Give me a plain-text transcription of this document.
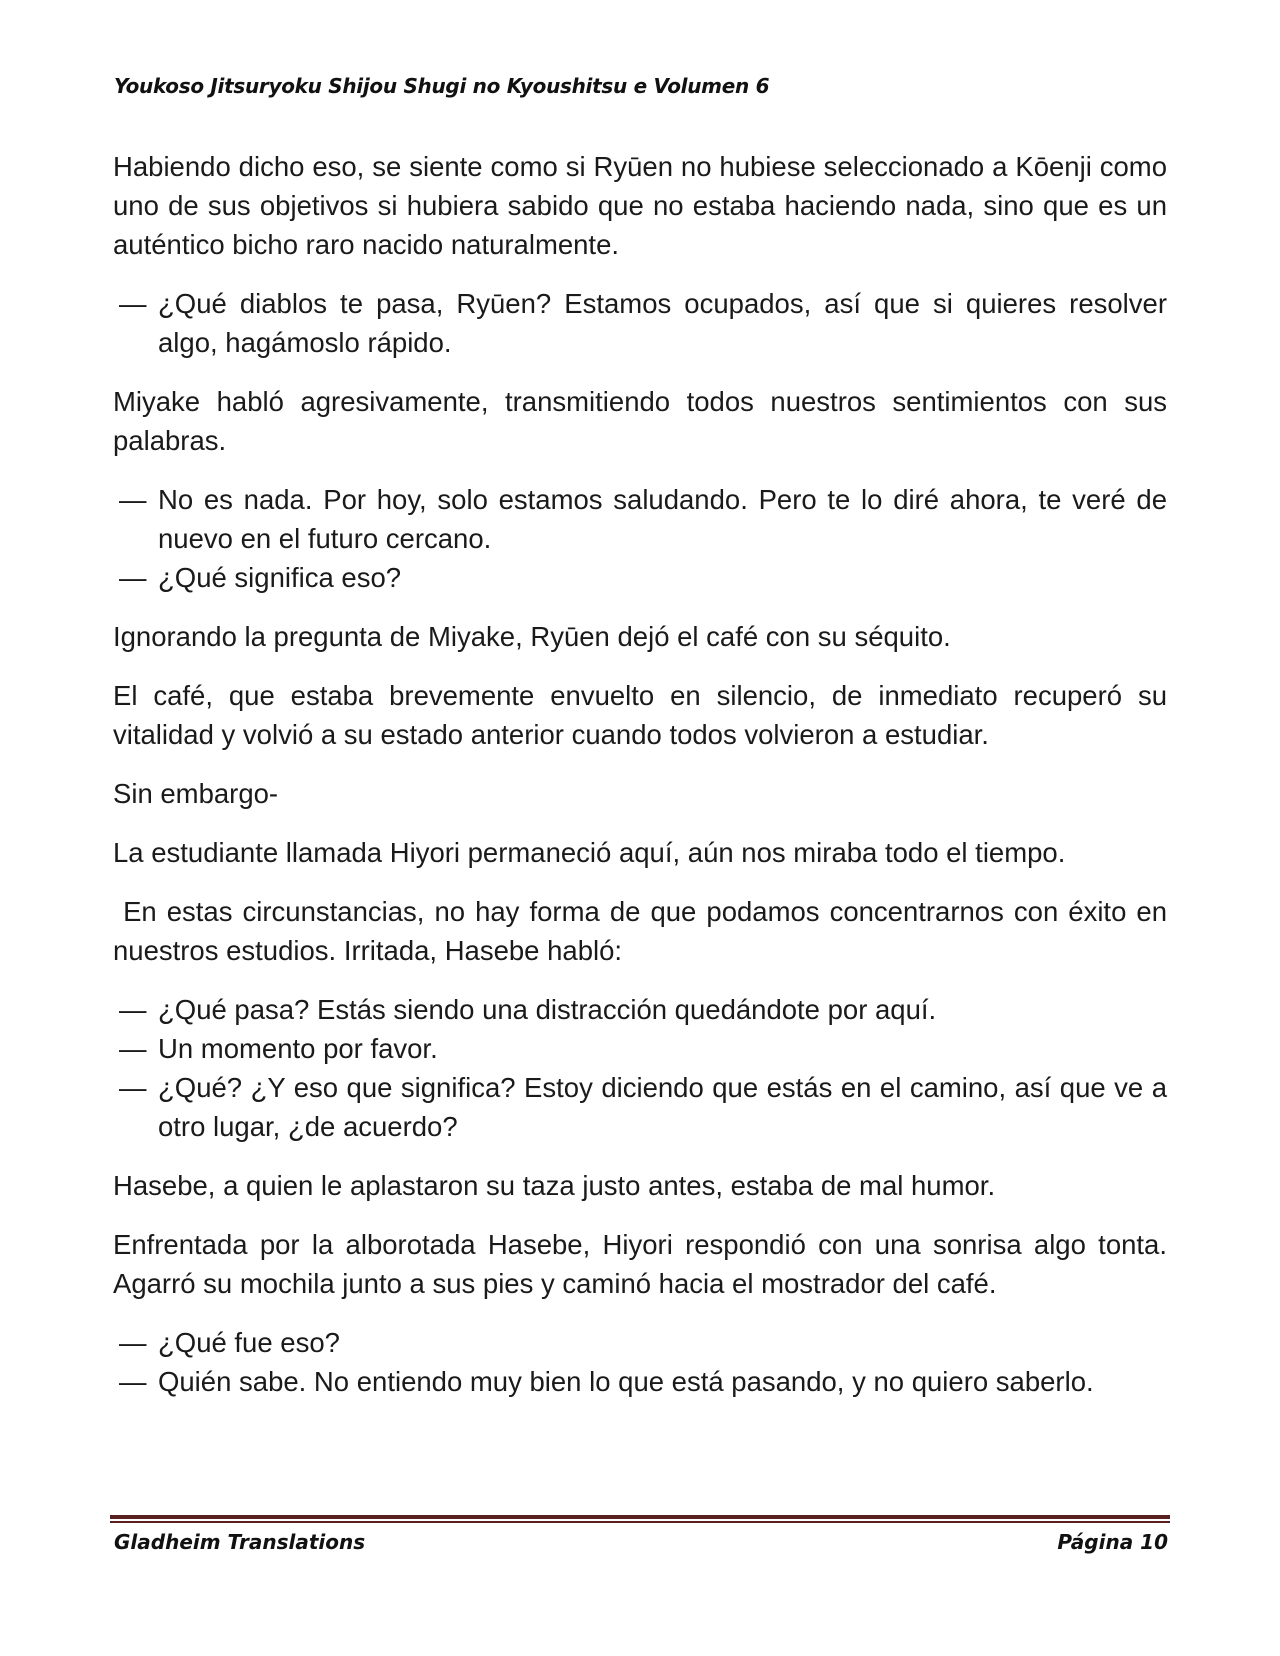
Youkoso Jitsuryoku Shijou Shugi no Kyoushitsu e Volumen 6

Habiendo dicho eso, se siente como si Ryūen no hubiese seleccionado a Kōenji como uno de sus objetivos si hubiera sabido que no estaba haciendo nada, sino que es un auténtico bicho raro nacido naturalmente.

— ¿Qué diablos te pasa, Ryūen? Estamos ocupados, así que si quieres resolver algo, hagámoslo rápido.

Miyake habló agresivamente, transmitiendo todos nuestros sentimientos con sus palabras.

— No es nada. Por hoy, solo estamos saludando. Pero te lo diré ahora, te veré de nuevo en el futuro cercano.
— ¿Qué significa eso?

Ignorando la pregunta de Miyake, Ryūen dejó el café con su séquito.

El café, que estaba brevemente envuelto en silencio, de inmediato recuperó su vitalidad y volvió a su estado anterior cuando todos volvieron a estudiar.

Sin embargo-

La estudiante llamada Hiyori permaneció aquí, aún nos miraba todo el tiempo.

En estas circunstancias, no hay forma de que podamos concentrarnos con éxito en nuestros estudios. Irritada, Hasebe habló:

— ¿Qué pasa? Estás siendo una distracción quedándote por aquí.
— Un momento por favor.
— ¿Qué? ¿Y eso que significa? Estoy diciendo que estás en el camino, así que ve a otro lugar, ¿de acuerdo?

Hasebe, a quien le aplastaron su taza justo antes, estaba de mal humor.

Enfrentada por la alborotada Hasebe, Hiyori respondió con una sonrisa algo tonta. Agarró su mochila junto a sus pies y caminó hacia el mostrador del café.

— ¿Qué fue eso?
— Quién sabe. No entiendo muy bien lo que está pasando, y no quiero saberlo.
Gladheim Translations	Página 10
